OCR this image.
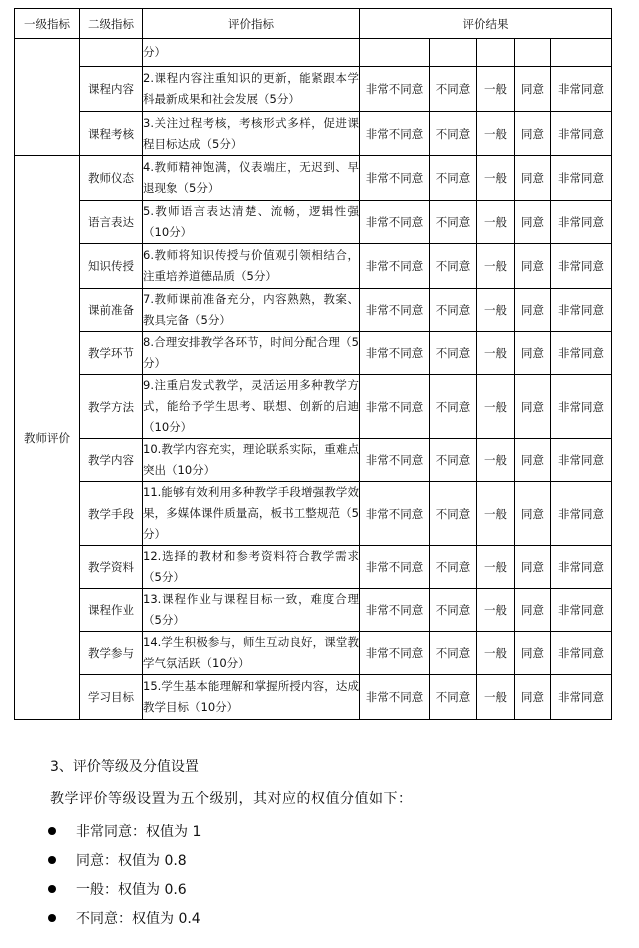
一级指标	二级指标	评价指标	评价结果				
		分）					
	课程内容	2.课程内容注重知识的更新，能紧跟本学科最新成果和社会发展（5分）	非常不同意	不同意	一般	同意	非常同意
	课程考核	3.关注过程考核，考核形式多样，促进课程目标达成（5分）	非常不同意	不同意	一般	同意	非常同意
教师评价	教师仪态	4.教师精神饱满，仪表端庄，无迟到、早退现象（5分）	非常不同意	不同意	一般	同意	非常同意
	语言表达	5.教师语言表达清楚、流畅，逻辑性强（10分）	非常不同意	不同意	一般	同意	非常同意
	知识传授	6.教师将知识传授与价值观引领相结合，注重培养道德品质（5分）	非常不同意	不同意	一般	同意	非常同意
	课前准备	7.教师课前准备充分，内容熟熟，教案、教具完备（5分）	非常不同意	不同意	一般	同意	非常同意
	教学环节	8.合理安排教学各环节，时间分配合理（5分）	非常不同意	不同意	一般	同意	非常同意
	教学方法	9.注重启发式教学，灵活运用多种教学方式，能给予学生思考、联想、创新的启迪（10分）	非常不同意	不同意	一般	同意	非常同意
	教学内容	10.教学内容充实，理论联系实际，重难点突出（10分）	非常不同意	不同意	一般	同意	非常同意
	教学手段	11.能够有效利用多种教学手段增强教学效果，多媒体课件质量高，板书工整规范（5分）	非常不同意	不同意	一般	同意	非常同意
	教学资料	12.选择的教材和参考资料符合教学需求（5分）	非常不同意	不同意	一般	同意	非常同意
	课程作业	13.课程作业与课程目标一致，难度合理（5分）	非常不同意	不同意	一般	同意	非常同意
	教学参与	14.学生积极参与，师生互动良好，课堂教学气氛活跃（10分）	非常不同意	不同意	一般	同意	非常同意
	学习目标	15.学生基本能理解和掌握所授内容，达成教学目标（10分）	非常不同意	不同意	一般	同意	非常同意
3、评价等级及分值设置
教学评价等级设置为五个级别，其对应的权值分值如下：
非常同意：权值为 1
同意：权值为 0.8
一般：权值为 0.6
不同意：权值为 0.4
